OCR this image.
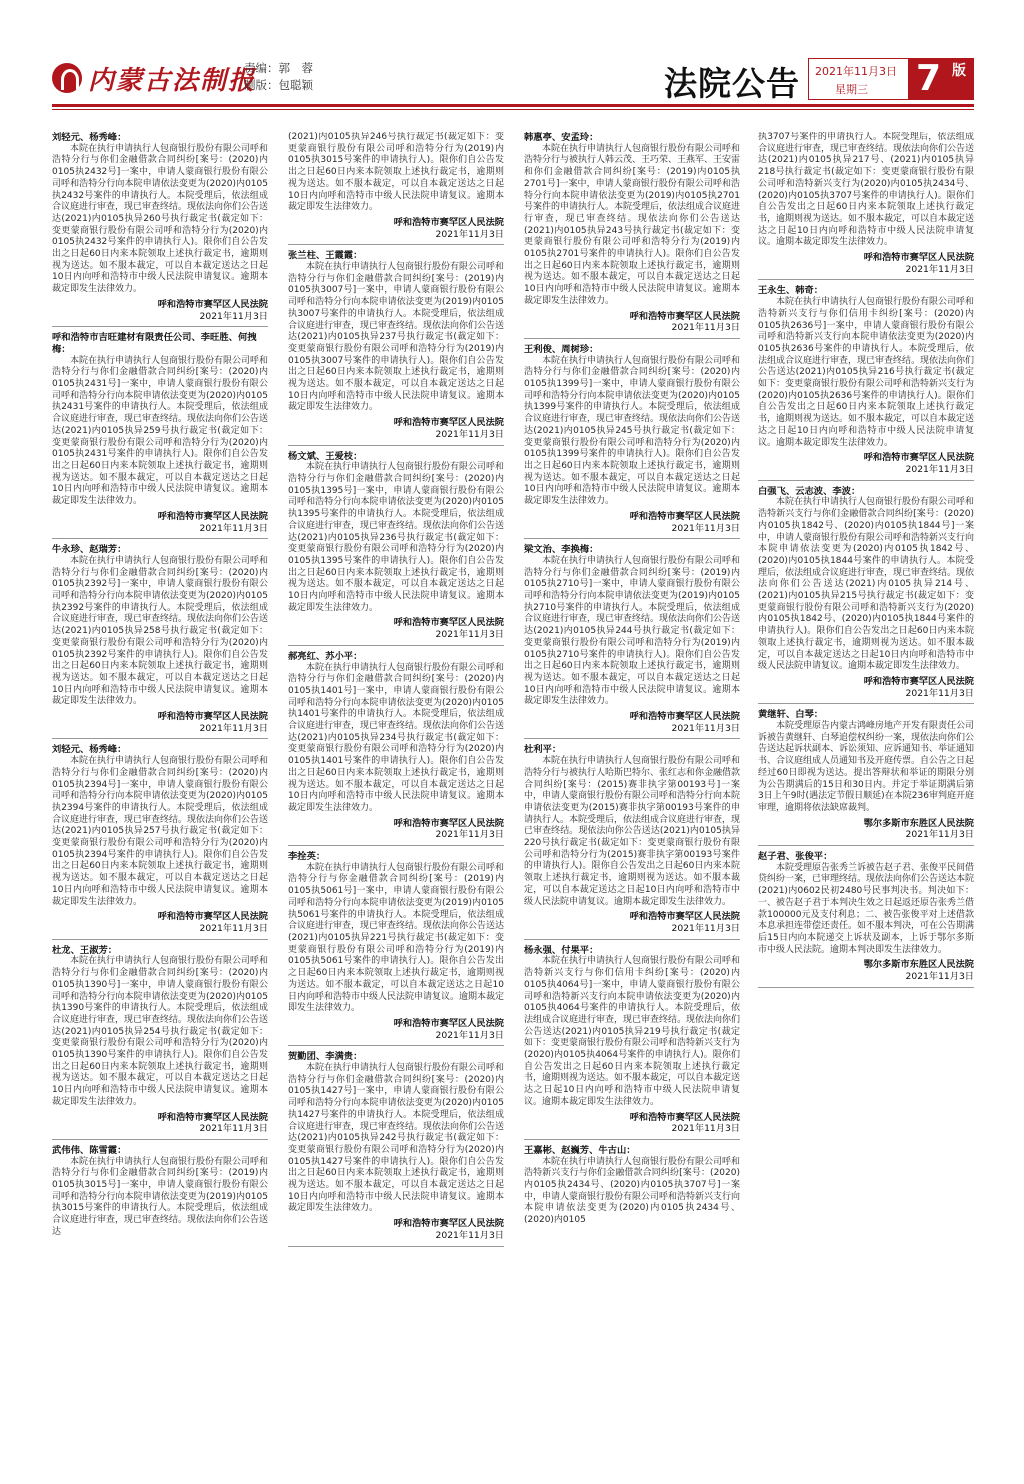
内蒙古法制报
责编：郭　蓉
制版：包聪颖	法院公告 2021年11月3日
星期三 7 版
刘轻元、杨秀峰：
本院在执行申请执行人包商银行股份有限公司呼和浩特分行与你们金融借款合同纠纷[案号：(2020)内0105执2432号]一案中，申请人蒙商银行股份有限公司呼和浩特分行向本院申请依法变更为(2020)内0105执2432号案件的申请执行人。本院受理后，依法组成合议庭进行审查，现已审查终结。现依法向你们公告送达(2021)内0105执异260号执行裁定书(裁定如下：变更蒙商银行股份有限公司呼和浩特分行为(2020)内0105执2432号案件的申请执行人)。限你们自公告发出之日起60日内来本院领取上述执行裁定书，逾期则视为送达。如不服本裁定，可以自本裁定送达之日起10日内向呼和浩特市中级人民法院申请复议。逾期本裁定即发生法律效力。
呼和浩特市赛罕区人民法院
2021年11月3日
呼和浩特市吉旺建材有限责任公司、李旺胜、何拽梅：
本院在执行申请执行人包商银行股份有限公司呼和浩特分行与你们金融借款合同纠纷[案号：(2020)内0105执2431号]一案中，申请人蒙商银行股份有限公司呼和浩特分行向本院申请依法变更为(2020)内0105执2431号案件的申请执行人。本院受理后，依法组成合议庭进行审查，现已审查终结。现依法向你们公告送达(2021)内0105执异259号执行裁定书(裁定如下：变更蒙商银行股份有限公司呼和浩特分行为(2020)内0105执2431号案件的申请执行人)。限你们自公告发出之日起60日内来本院领取上述执行裁定书，逾期则视为送达。如不服本裁定，可以自本裁定送达之日起10日内向呼和浩特市中级人民法院申请复议。逾期本裁定即发生法律效力。
呼和浩特市赛罕区人民法院
2021年11月3日
牛永珍、赵瑞芳：
本院在执行申请执行人包商银行股份有限公司呼和浩特分行与你们金融借款合同纠纷[案号：(2020)内0105执2392号]一案中，申请人蒙商银行股份有限公司呼和浩特分行向本院申请依法变更为(2020)内0105执2392号案件的申请执行人。本院受理后，依法组成合议庭进行审查，现已审查终结。现依法向你们公告送达(2021)内0105执异258号执行裁定书(裁定如下：变更蒙商银行股份有限公司呼和浩特分行为(2020)内0105执2392号案件的申请执行人)。限你们自公告发出之日起60日内来本院领取上述执行裁定书，逾期则视为送达。如不服本裁定，可以自本裁定送达之日起10日内向呼和浩特市中级人民法院申请复议。逾期本裁定即发生法律效力。
呼和浩特市赛罕区人民法院
2021年11月3日
刘轻元、杨秀峰：
本院在执行申请执行人包商银行股份有限公司呼和浩特分行与你们金融借款合同纠纷[案号：(2020)内0105执2394号]一案中，申请人蒙商银行股份有限公司呼和浩特分行向本院申请依法变更为(2020)内0105执2394号案件的申请执行人。本院受理后，依法组成合议庭进行审查，现已审查终结。现依法向你们公告送达(2021)内0105执异257号执行裁定书(裁定如下：变更蒙商银行股份有限公司呼和浩特分行为(2020)内0105执2394号案件的申请执行人)。限你们自公告发出之日起60日内来本院领取上述执行裁定书，逾期则视为送达。如不服本裁定，可以自本裁定送达之日起10日内向呼和浩特市中级人民法院申请复议。逾期本裁定即发生法律效力。
呼和浩特市赛罕区人民法院
2021年11月3日
杜龙、王淑芳：
本院在执行申请执行人包商银行股份有限公司呼和浩特分行与你们金融借款合同纠纷[案号：(2020)内0105执1390号]一案中，申请人蒙商银行股份有限公司呼和浩特分行向本院申请依法变更为(2020)内0105执1390号案件的申请执行人。本院受理后，依法组成合议庭进行审查，现已审查终结。现依法向你们公告送达(2021)内0105执异254号执行裁定书(裁定如下：变更蒙商银行股份有限公司呼和浩特分行为(2020)内0105执1390号案件的申请执行人)。限你们自公告发出之日起60日内来本院领取上述执行裁定书，逾期则视为送达。如不服本裁定，可以自本裁定送达之日起10日内向呼和浩特市中级人民法院申请复议。逾期本裁定即发生法律效力。
呼和浩特市赛罕区人民法院
2021年11月3日
武伟伟、陈雪霞：
本院在执行申请执行人包商银行股份有限公司呼和浩特分行与你们金融借款合同纠纷[案号：(2019)内0105执3015号]一案中，申请人蒙商银行股份有限公司呼和浩特分行向本院申请依法变更为(2019)内0105执3015号案件的申请执行人。本院受理后，依法组成合议庭进行审查，现已审查终结。现依法向你们公告送达
(2021)内0105执异246号执行裁定书(裁定如下：变更蒙商银行股份有限公司呼和浩特分行为(2019)内0105执3015号案件的申请执行人)。限你们自公告发出之日起60日内来本院领取上述执行裁定书，逾期则视为送达。如不服本裁定，可以自本裁定送达之日起10日内向呼和浩特市中级人民法院申请复议。逾期本裁定即发生法律效力。
呼和浩特市赛罕区人民法院
2021年11月3日
张兰柱、王霞霞：
本院在执行申请执行人包商银行股份有限公司呼和浩特分行与你们金融借款合同纠纷[案号：(2019)内0105执3007号]一案中，申请人蒙商银行股份有限公司呼和浩特分行向本院申请依法变更为(2019)内0105执3007号案件的申请执行人。本院受理后，依法组成合议庭进行审查，现已审查终结。现依法向你们公告送达(2021)内0105执异237号执行裁定书(裁定如下：变更蒙商银行股份有限公司呼和浩特分行为(2019)内0105执3007号案件的申请执行人)。限你们自公告发出之日起60日内来本院领取上述执行裁定书，逾期则视为送达。如不服本裁定，可以自本裁定送达之日起10日内向呼和浩特市中级人民法院申请复议。逾期本裁定即发生法律效力。
呼和浩特市赛罕区人民法院
2021年11月3日
杨文斌、王爱枝：
本院在执行申请执行人包商银行股份有限公司呼和浩特分行与你们金融借款合同纠纷[案号：(2020)内0105执1395号]一案中，申请人蒙商银行股份有限公司呼和浩特分行向本院申请依法变更为(2020)内0105执1395号案件的申请执行人。本院受理后，依法组成合议庭进行审查，现已审查终结。现依法向你们公告送达(2021)内0105执异236号执行裁定书(裁定如下：变更蒙商银行股份有限公司呼和浩特分行为(2020)内0105执1395号案件的申请执行人)。限你们自公告发出之日起60日内来本院领取上述执行裁定书，逾期则视为送达。如不服本裁定，可以自本裁定送达之日起10日内向呼和浩特市中级人民法院申请复议。逾期本裁定即发生法律效力。
呼和浩特市赛罕区人民法院
2021年11月3日
郝亮红、苏小平：
本院在执行申请执行人包商银行股份有限公司呼和浩特分行与你们金融借款合同纠纷[案号：(2020)内0105执1401号]一案中，申请人蒙商银行股份有限公司呼和浩特分行向本院申请依法变更为(2020)内0105执1401号案件的申请执行人。本院受理后，依法组成合议庭进行审查，现已审查终结。现依法向你们公告送达(2021)内0105执异234号执行裁定书(裁定如下：变更蒙商银行股份有限公司呼和浩特分行为(2020)内0105执1401号案件的申请执行人)。限你们自公告发出之日起60日内来本院领取上述执行裁定书，逾期则视为送达。如不服本裁定，可以自本裁定送达之日起10日内向呼和浩特市中级人民法院申请复议。逾期本裁定即发生法律效力。
呼和浩特市赛罕区人民法院
2021年11月3日
李拴英：
本院在执行申请执行人包商银行股份有限公司呼和浩特分行与你金融借款合同纠纷[案号：(2019)内0105执5061号]一案中，申请人蒙商银行股份有限公司呼和浩特分行向本院申请依法变更为(2019)内0105执5061号案件的申请执行人。本院受理后，依法组成合议庭进行审查，现已审查终结。现依法向你公告送达(2021)内0105执异221号执行裁定书(裁定如下：变更蒙商银行股份有限公司呼和浩特分行为(2019)内0105执5061号案件的申请执行人)。限你自公告发出之日起60日内来本院领取上述执行裁定书，逾期则视为送达。如不服本裁定，可以自本裁定送达之日起10日内向呼和浩特市中级人民法院申请复议。逾期本裁定即发生法律效力。
呼和浩特市赛罕区人民法院
2021年11月3日
贺勤团、李满贵：
本院在执行申请执行人包商银行股份有限公司呼和浩特分行与你们金融借款合同纠纷[案号：(2020)内0105执1427号]一案中，申请人蒙商银行股份有限公司呼和浩特分行向本院申请依法变更为(2020)内0105执1427号案件的申请执行人。本院受理后，依法组成合议庭进行审查，现已审查终结。现依法向你们公告送达(2021)内0105执异242号执行裁定书(裁定如下：变更蒙商银行股份有限公司呼和浩特分行为(2020)内0105执1427号案件的申请执行人)。限你们自公告发出之日起60日内来本院领取上述执行裁定书，逾期则视为送达。如不服本裁定，可以自本裁定送达之日起10日内向呼和浩特市中级人民法院申请复议。逾期本裁定即发生法律效力。
呼和浩特市赛罕区人民法院
2021年11月3日
韩惠亭、安孟玲：
本院在执行申请执行人包商银行股份有限公司呼和浩特分行与被执行人韩云茂、王巧荣、王燕军、王安雷和你们金融借款合同纠纷[案号：(2019)内0105执2701号]一案中，申请人蒙商银行股份有限公司呼和浩特分行向本院申请依法变更为(2019)内0105执2701号案件的申请执行人。本院受理后，依法组成合议庭进行审查，现已审查终结。现依法向你们公告送达(2021)内0105执异243号执行裁定书(裁定如下：变更蒙商银行股份有限公司呼和浩特分行为(2019)内0105执2701号案件的申请执行人)。限你们自公告发出之日起60日内来本院领取上述执行裁定书，逾期则视为送达。如不服本裁定，可以自本裁定送达之日起10日内向呼和浩特市中级人民法院申请复议。逾期本裁定即发生法律效力。
呼和浩特市赛罕区人民法院
2021年11月3日
王利俊、周树珍：
本院在执行申请执行人包商银行股份有限公司呼和浩特分行与你们金融借款合同纠纷[案号：(2020)内0105执1399号]一案中，申请人蒙商银行股份有限公司呼和浩特分行向本院申请依法变更为(2020)内0105执1399号案件的申请执行人。本院受理后，依法组成合议庭进行审查，现已审查终结。现依法向你们公告送达(2021)内0105执异245号执行裁定书(裁定如下：变更蒙商银行股份有限公司呼和浩特分行为(2020)内0105执1399号案件的申请执行人)。限你们自公告发出之日起60日内来本院领取上述执行裁定书，逾期则视为送达。如不服本裁定，可以自本裁定送达之日起10日内向呼和浩特市中级人民法院申请复议。逾期本裁定即发生法律效力。
呼和浩特市赛罕区人民法院
2021年11月3日
梁文治、李换梅：
本院在执行申请执行人包商银行股份有限公司呼和浩特分行与你们金融借款合同纠纷[案号：(2019)内0105执2710号]一案中，申请人蒙商银行股份有限公司呼和浩特分行向本院申请依法变更为(2019)内0105执2710号案件的申请执行人。本院受理后，依法组成合议庭进行审查，现已审查终结。现依法向你们公告送达(2021)内0105执异244号执行裁定书(裁定如下：变更蒙商银行股份有限公司呼和浩特分行为(2019)内0105执2710号案件的申请执行人)。限你们自公告发出之日起60日内来本院领取上述执行裁定书，逾期则视为送达。如不服本裁定，可以自本裁定送达之日起10日内向呼和浩特市中级人民法院申请复议。逾期本裁定即发生法律效力。
呼和浩特市赛罕区人民法院
2021年11月3日
杜利平：
本院在执行申请执行人包商银行股份有限公司呼和浩特分行与被执行人哈斯巴特尔、张红志和你金融借款合同纠纷[案号：(2015)赛非执字第00193号]一案中，申请人蒙商银行股份有限公司呼和浩特分行向本院申请依法变更为(2015)赛非执字第00193号案件的申请执行人。本院受理后，依法组成合议庭进行审查，现已审查终结。现依法向你公告送达(2021)内0105执异220号执行裁定书(裁定如下：变更蒙商银行股份有限公司呼和浩特分行为(2015)赛非执字第00193号案件的申请执行人)。限你自公告发出之日起60日内来本院领取上述执行裁定书，逾期则视为送达。如不服本裁定，可以自本裁定送达之日起10日内向呼和浩特市中级人民法院申请复议。逾期本裁定即发生法律效力。
呼和浩特市赛罕区人民法院
2021年11月3日
杨永强、付果平：
本院在执行申请执行人包商银行股份有限公司呼和浩特新兴支行与你们信用卡纠纷[案号：(2020)内0105执4064号]一案中，申请人蒙商银行股份有限公司呼和浩特新兴支行向本院申请依法变更为(2020)内0105执4064号案件的申请执行人。本院受理后，依法组成合议庭进行审查，现已审查终结。现依法向你们公告送达(2021)内0105执异219号执行裁定书(裁定如下：变更蒙商银行股份有限公司呼和浩特新兴支行为(2020)内0105执4064号案件的申请执行人)。限你们自公告发出之日起60日内来本院领取上述执行裁定书，逾期则视为送达。如不服本裁定，可以自本裁定送达之日起10日内向呼和浩特市中级人民法院申请复议。逾期本裁定即发生法律效力。
呼和浩特市赛罕区人民法院
2021年11月3日
王嘉彬、赵巍芳、牛古山：
本院在执行申请执行人包商银行股份有限公司呼和浩特新兴支行与你们金融借款合同纠纷[案号：(2020)内0105执2434号、(2020)内0105执3707号]一案中，申请人蒙商银行股份有限公司呼和浩特新兴支行向本院申请依法变更为(2020)内0105执2434号、(2020)内0105
执3707号案件的申请执行人。本院受理后，依法组成合议庭进行审查，现已审查终结。现依法向你们公告送达(2021)内0105执异217号、(2021)内0105执异218号执行裁定书(裁定如下：变更蒙商银行股份有限公司呼和浩特新兴支行为(2020)内0105执2434号、(2020)内0105执3707号案件的申请执行人)。限你们自公告发出之日起60日内来本院领取上述执行裁定书，逾期则视为送达。如不服本裁定，可以自本裁定送达之日起10日内向呼和浩特市中级人民法院申请复议。逾期本裁定即发生法律效力。
呼和浩特市赛罕区人民法院
2021年11月3日
王永生、韩奇：
本院在执行申请执行人包商银行股份有限公司呼和浩特新兴支行与你们信用卡纠纷[案号：(2020)内0105执2636号]一案中，申请人蒙商银行股份有限公司呼和浩特新兴支行向本院申请依法变更为(2020)内0105执2636号案件的申请执行人。本院受理后，依法组成合议庭进行审查，现已审查终结。现依法向你们公告送达(2021)内0105执异216号执行裁定书(裁定如下：变更蒙商银行股份有限公司呼和浩特新兴支行为(2020)内0105执2636号案件的申请执行人)。限你们自公告发出之日起60日内来本院领取上述执行裁定书，逾期则视为送达。如不服本裁定，可以自本裁定送达之日起10日内向呼和浩特市中级人民法院申请复议。逾期本裁定即发生法律效力。
呼和浩特市赛罕区人民法院
2021年11月3日
白强飞、云志波、李波：
本院在执行申请执行人包商银行股份有限公司呼和浩特新兴支行与你们金融借款合同纠纷[案号：(2020)内0105执1842号、(2020)内0105执1844号]一案中，申请人蒙商银行股份有限公司呼和浩特新兴支行向本院申请依法变更为(2020)内0105执1842号、(2020)内0105执1844号案件的申请执行人。本院受理后，依法组成合议庭进行审查，现已审查终结。现依法向你们公告送达(2021)内0105执异214号、(2021)内0105执异215号执行裁定书(裁定如下：变更蒙商银行股份有限公司呼和浩特新兴支行为(2020)内0105执1842号、(2020)内0105执1844号案件的申请执行人)。限你们自公告发出之日起60日内来本院领取上述执行裁定书，逾期则视为送达。如不服本裁定，可以自本裁定送达之日起10日内向呼和浩特市中级人民法院申请复议。逾期本裁定即发生法律效力。
呼和浩特市赛罕区人民法院
2021年11月3日
黄继轩、白琴：
本院受理原告内蒙古鸿峰房地产开发有限责任公司诉被告黄继轩、白琴追偿权纠纷一案，现依法向你们公告送达起诉状副本、诉讼须知、应诉通知书、举证通知书、合议庭组成人员通知书及开庭传票。自公告之日起经过60日即视为送达。提出答辩状和举证的期限分别为公告期满后的15日和30日内。并定于举证期满后第3日上午9时(遇法定节假日顺延)在本院236审判庭开庭审理，逾期将依法缺席裁判。
鄂尔多斯市东胜区人民法院
2021年11月3日
赵子君、张俊平：
本院受理原告张秀兰诉被告赵子君、张俊平民间借贷纠纷一案，已审理终结。现依法向你们公告送达本院(2021)内0602民初2480号民事判决书。判决如下：一、被告赵子君于本判决生效之日起返还原告张秀兰借款100000元及支付利息；二、被告张俊平对上述借款本息承担连带偿还责任。如不服本判决，可在公告期满后15日内向本院递交上诉状及副本，上诉于鄂尔多斯市中级人民法院。逾期本判决即发生法律效力。
鄂尔多斯市东胜区人民法院
2021年11月3日
